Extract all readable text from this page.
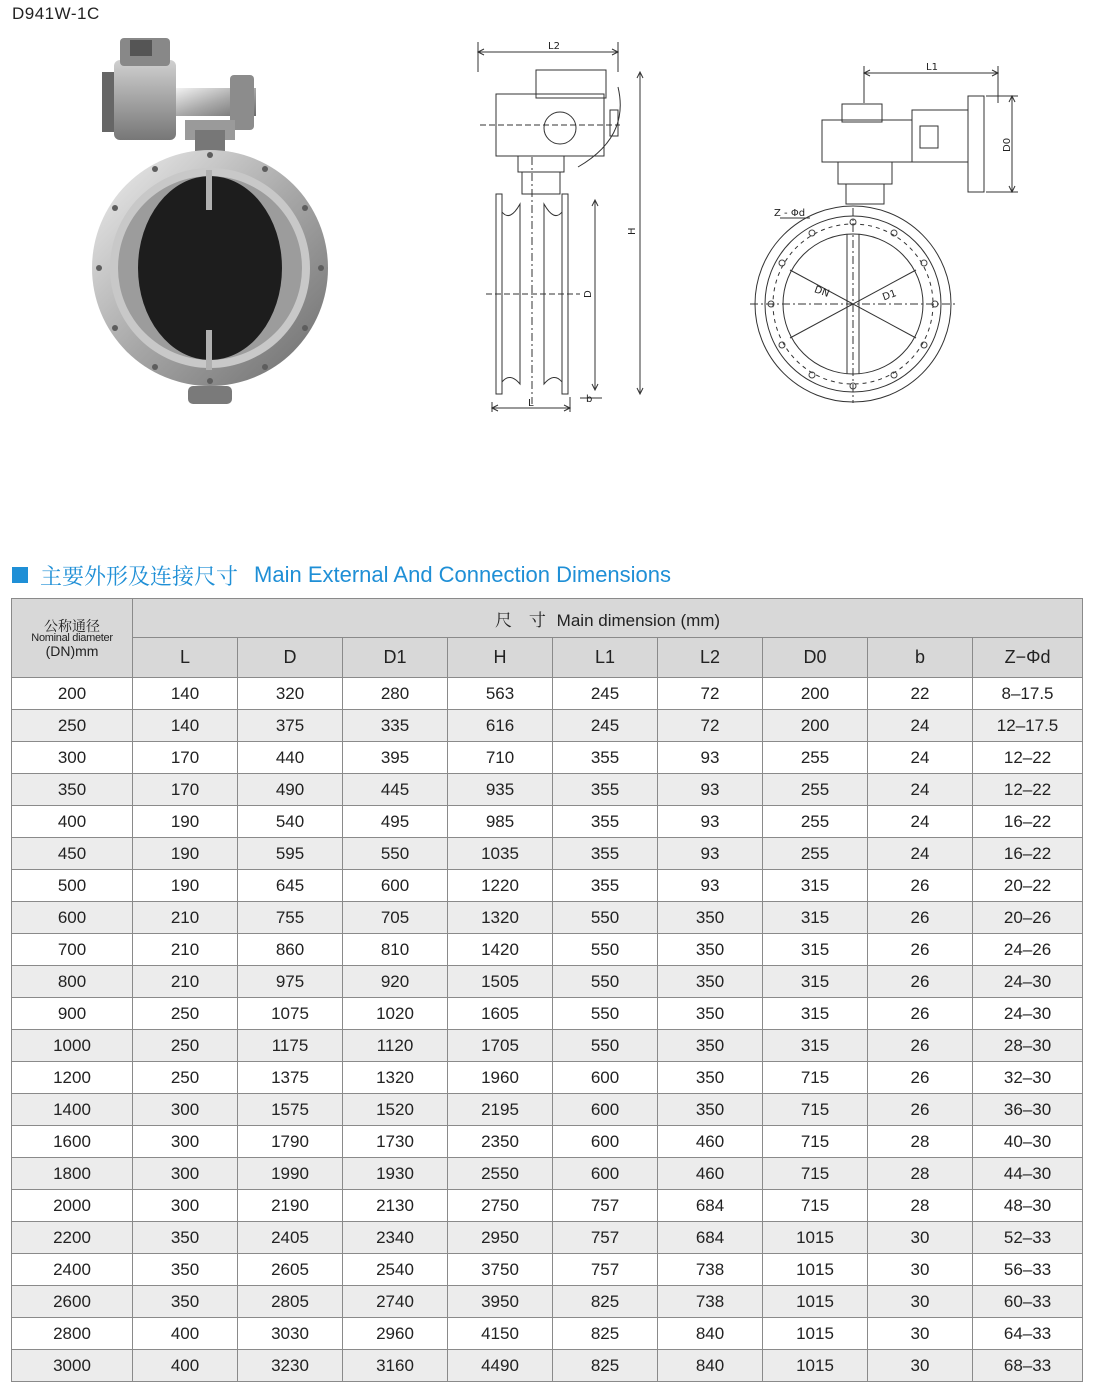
D941W-1C
L2
H
D
L	b
L1
D0
Z - Φd
DN	D1
主要外形及连接尺寸 Main External And Connection Dimensions
公称通径
Nominal diameter
(DN)mm	尺　寸 Main dimension (mm)								
	L	D	D1	H	L1	L2	D0	b	Z−Φd
200	140	320	280	563	245	72	200	22	8–17.5
250	140	375	335	616	245	72	200	24	12–17.5
300	170	440	395	710	355	93	255	24	12–22
350	170	490	445	935	355	93	255	24	12–22
400	190	540	495	985	355	93	255	24	16–22
450	190	595	550	1035	355	93	255	24	16–22
500	190	645	600	1220	355	93	315	26	20–22
600	210	755	705	1320	550	350	315	26	20–26
700	210	860	810	1420	550	350	315	26	24–26
800	210	975	920	1505	550	350	315	26	24–30
900	250	1075	1020	1605	550	350	315	26	24–30
1000	250	1175	1120	1705	550	350	315	26	28–30
1200	250	1375	1320	1960	600	350	715	26	32–30
1400	300	1575	1520	2195	600	350	715	26	36–30
1600	300	1790	1730	2350	600	460	715	28	40–30
1800	300	1990	1930	2550	600	460	715	28	44–30
2000	300	2190	2130	2750	757	684	715	28	48–30
2200	350	2405	2340	2950	757	684	1015	30	52–33
2400	350	2605	2540	3750	757	738	1015	30	56–33
2600	350	2805	2740	3950	825	738	1015	30	60–33
2800	400	3030	2960	4150	825	840	1015	30	64–33
3000	400	3230	3160	4490	825	840	1015	30	68–33
